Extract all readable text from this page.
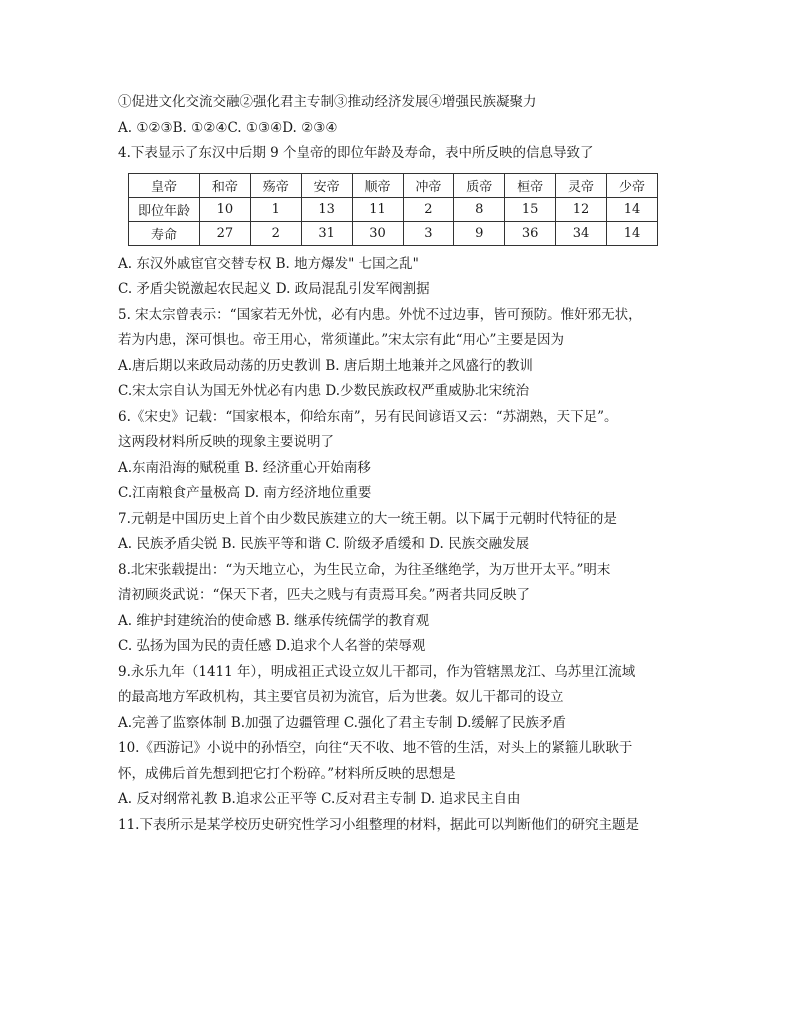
①促进文化交流交融②强化君主专制③推动经济发展④增强民族凝聚力
A. ①②③B. ①②④C. ①③④D. ②③④
4.下表显示了东汉中后期 9 个皇帝的即位年龄及寿命，表中所反映的信息导致了
皇帝	和帝	殇帝	安帝	顺帝	冲帝	质帝	桓帝	灵帝	少帝
即位年龄	10	1	13	11	2	8	15	12	14
寿命	27	2	31	30	3	9	36	34	14
A. 东汉外戚宦官交替专权 B. 地方爆发" 七国之乱"
C. 矛盾尖锐激起农民起义 D. 政局混乱引发军阀割据
5. 宋太宗曾表示：“国家若无外忧，必有内患。外忧不过边事，皆可预防。惟奸邪无状，
若为内患，深可惧也。帝王用心，常须谨此。”宋太宗有此“用心”主要是因为
A.唐后期以来政局动荡的历史教训 B. 唐后期土地兼并之风盛行的教训
C.宋太宗自认为国无外忧必有内患 D.少数民族政权严重威胁北宋统治
6.《宋史》记载：“国家根本，仰给东南”，另有民间谚语又云：“苏湖熟，天下足”。
这两段材料所反映的现象主要说明了
A.东南沿海的赋税重 B. 经济重心开始南移
C.江南粮食产量极高 D. 南方经济地位重要
7.元朝是中国历史上首个由少数民族建立的大一统王朝。以下属于元朝时代特征的是
A. 民族矛盾尖锐 B. 民族平等和谐 C. 阶级矛盾缓和 D. 民族交融发展
8.北宋张载提出：“为天地立心，为生民立命，为往圣继绝学，为万世开太平。”明末
清初顾炎武说：“保天下者，匹夫之贱与有责焉耳矣。”两者共同反映了
A. 维护封建统治的使命感 B. 继承传统儒学的教育观
C. 弘扬为国为民的责任感 D.追求个人名誉的荣辱观
9.永乐九年（1411 年），明成祖正式设立奴儿干都司，作为管辖黑龙江、乌苏里江流域
的最高地方军政机构，其主要官员初为流官，后为世袭。奴儿干都司的设立
A.完善了监察体制 B.加强了边疆管理 C.强化了君主专制 D.缓解了民族矛盾
10.《西游记》小说中的孙悟空，向往“天不收、地不管的生活，对头上的紧箍儿耿耿于
怀，成佛后首先想到把它打个粉碎。”材料所反映的思想是
A. 反对纲常礼教 B.追求公正平等 C.反对君主专制 D. 追求民主自由
11.下表所示是某学校历史研究性学习小组整理的材料，据此可以判断他们的研究主题是
